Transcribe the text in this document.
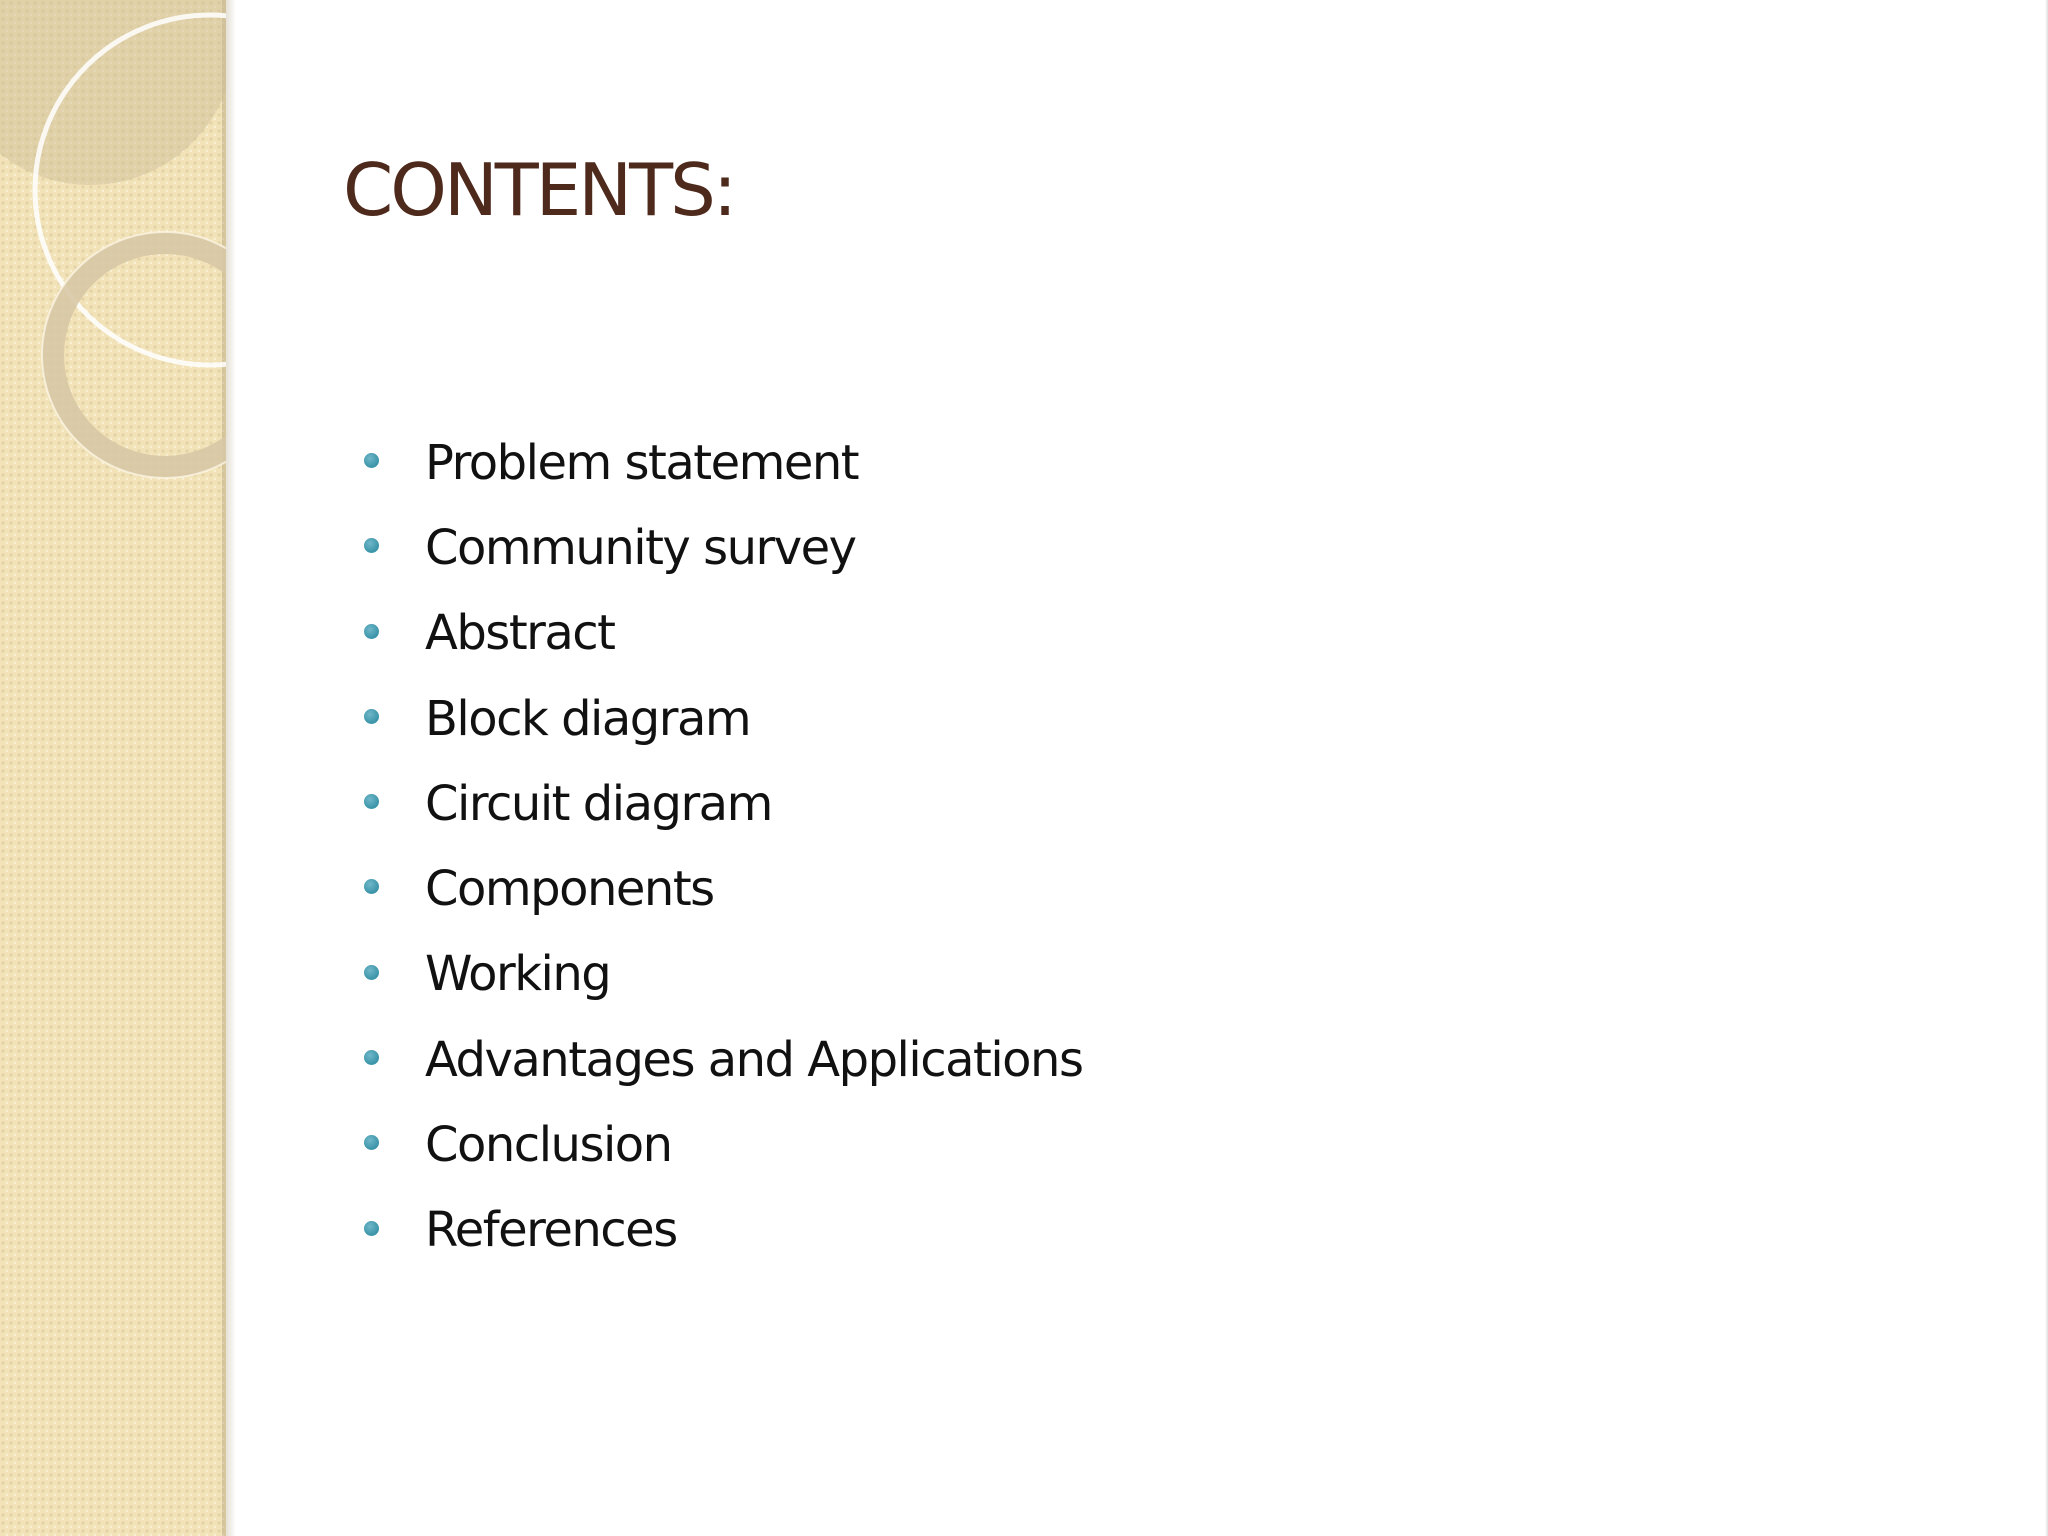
CONTENTS:
Problem statement
Community survey
Abstract
Block diagram
Circuit diagram
Components
Working
Advantages and Applications
Conclusion
References
